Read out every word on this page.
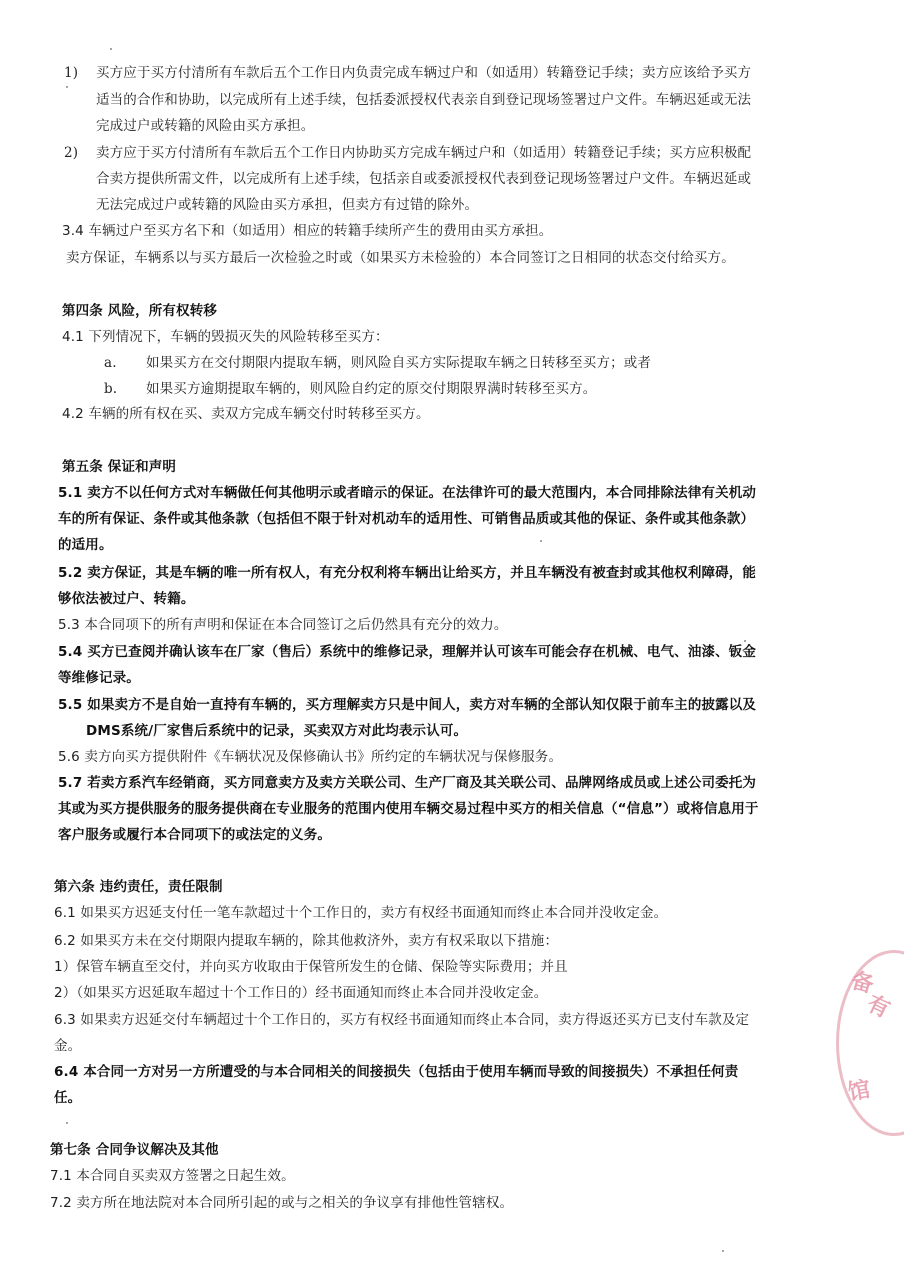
1) 买方应于买方付清所有车款后五个工作日内负责完成车辆过户和（如适用）转籍登记手续；卖方应该给予买方
适当的合作和协助，以完成所有上述手续，包括委派授权代表亲自到登记现场签署过户文件。车辆迟延或无法
完成过户或转籍的风险由买方承担。
2) 卖方应于买方付清所有车款后五个工作日内协助买方完成车辆过户和（如适用）转籍登记手续；买方应积极配
合卖方提供所需文件，以完成所有上述手续，包括亲自或委派授权代表到登记现场签署过户文件。车辆迟延或
无法完成过户或转籍的风险由买方承担，但卖方有过错的除外。
3.4 车辆过户至买方名下和（如适用）相应的转籍手续所产生的费用由买方承担。
卖方保证，车辆系以与买方最后一次检验之时或（如果买方未检验的）本合同签订之日相同的状态交付给买方。
第四条 风险，所有权转移
4.1 下列情况下，车辆的毁损灭失的风险转移至买方：
a. 如果买方在交付期限内提取车辆，则风险自买方实际提取车辆之日转移至买方；或者
b. 如果买方逾期提取车辆的，则风险自约定的原交付期限界满时转移至买方。
4.2 车辆的所有权在买、卖双方完成车辆交付时转移至买方。
第五条 保证和声明
5.1 卖方不以任何方式对车辆做任何其他明示或者暗示的保证。在法律许可的最大范围内，本合同排除法律有关机动
车的所有保证、条件或其他条款（包括但不限于针对机动车的适用性、可销售品质或其他的保证、条件或其他条款）
的适用。
5.2 卖方保证，其是车辆的唯一所有权人，有充分权利将车辆出让给买方，并且车辆没有被查封或其他权利障碍，能
够依法被过户、转籍。
5.3 本合同项下的所有声明和保证在本合同签订之后仍然具有充分的效力。
5.4 买方已查阅并确认该车在厂家（售后）系统中的维修记录，理解并认可该车可能会存在机械、电气、油漆、钣金
等维修记录。
5.5 如果卖方不是自始一直持有车辆的，买方理解卖方只是中间人，卖方对车辆的全部认知仅限于前车主的披露以及
DMS系统/厂家售后系统中的记录，买卖双方对此均表示认可。
5.6 卖方向买方提供附件《车辆状况及保修确认书》所约定的车辆状况与保修服务。
5.7 若卖方系汽车经销商，买方同意卖方及卖方关联公司、生产厂商及其关联公司、品牌网络成员或上述公司委托为
其或为买方提供服务的服务提供商在专业服务的范围内使用车辆交易过程中买方的相关信息（“信息”）或将信息用于
客户服务或履行本合同项下的或法定的义务。
第六条 违约责任，责任限制
6.1 如果买方迟延支付任一笔车款超过十个工作日的，卖方有权经书面通知而终止本合同并没收定金。
6.2 如果买方未在交付期限内提取车辆的，除其他救济外，卖方有权采取以下措施：
1）保管车辆直至交付，并向买方收取由于保管所发生的仓储、保险等实际费用；并且
2）（如果买方迟延取车超过十个工作日的）经书面通知而终止本合同并没收定金。
6.3 如果卖方迟延交付车辆超过十个工作日的，买方有权经书面通知而终止本合同，卖方得返还买方已支付车款及定
金。
6.4 本合同一方对另一方所遭受的与本合同相关的间接损失（包括由于使用车辆而导致的间接损失）不承担任何责
任。
第七条 合同争议解决及其他
7.1 本合同自买卖双方签署之日起生效。
7.2 卖方所在地法院对本合同所引起的或与之相关的争议享有排他性管辖权。
备
有
馆
